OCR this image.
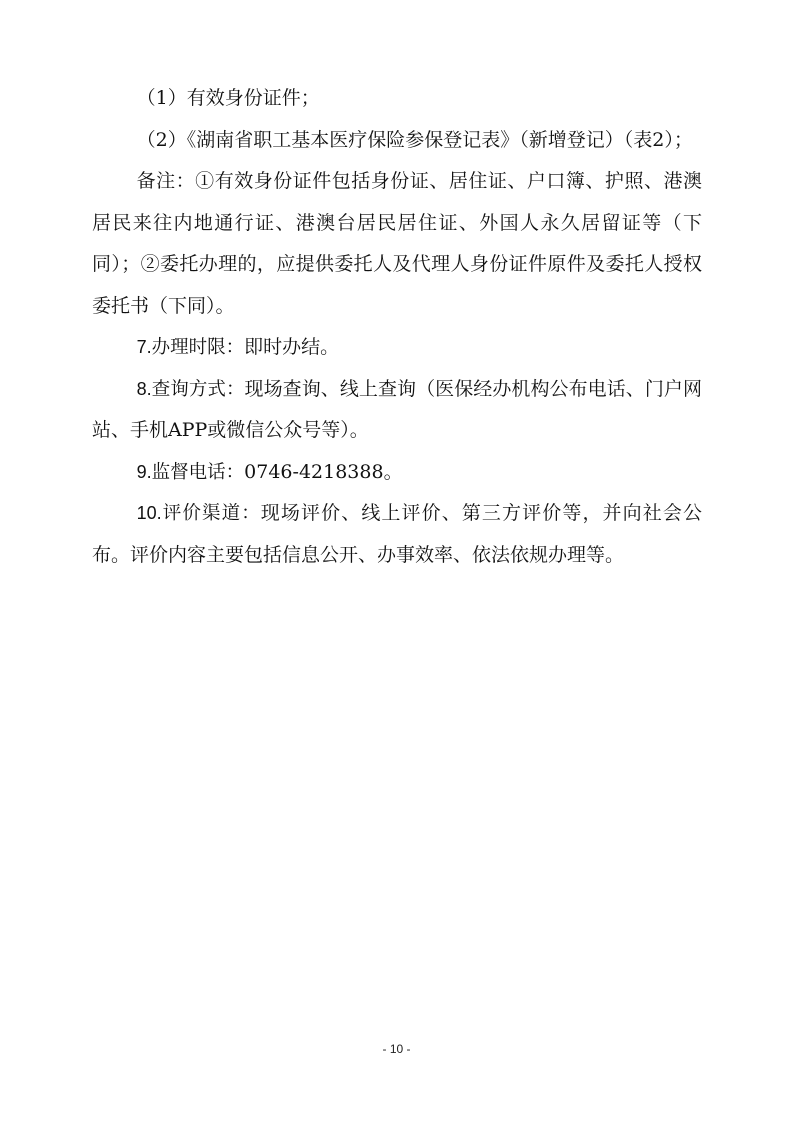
（1）有效身份证件；

（2）《湖南省职工基本医疗保险参保登记表》（新增登记）（表2）；

备注：①有效身份证件包括身份证、居住证、户口簿、护照、港澳居民来往内地通行证、港澳台居民居住证、外国人永久居留证等（下同）；②委托办理的，应提供委托人及代理人身份证件原件及委托人授权委托书（下同）。

7.办理时限：即时办结。

8.查询方式：现场查询、线上查询（医保经办机构公布电话、门户网站、手机APP或微信公众号等）。

9.监督电话：0746-4218388。

10.评价渠道：现场评价、线上评价、第三方评价等，并向社会公布。评价内容主要包括信息公开、办事效率、依法依规办理等。

- 10 -
